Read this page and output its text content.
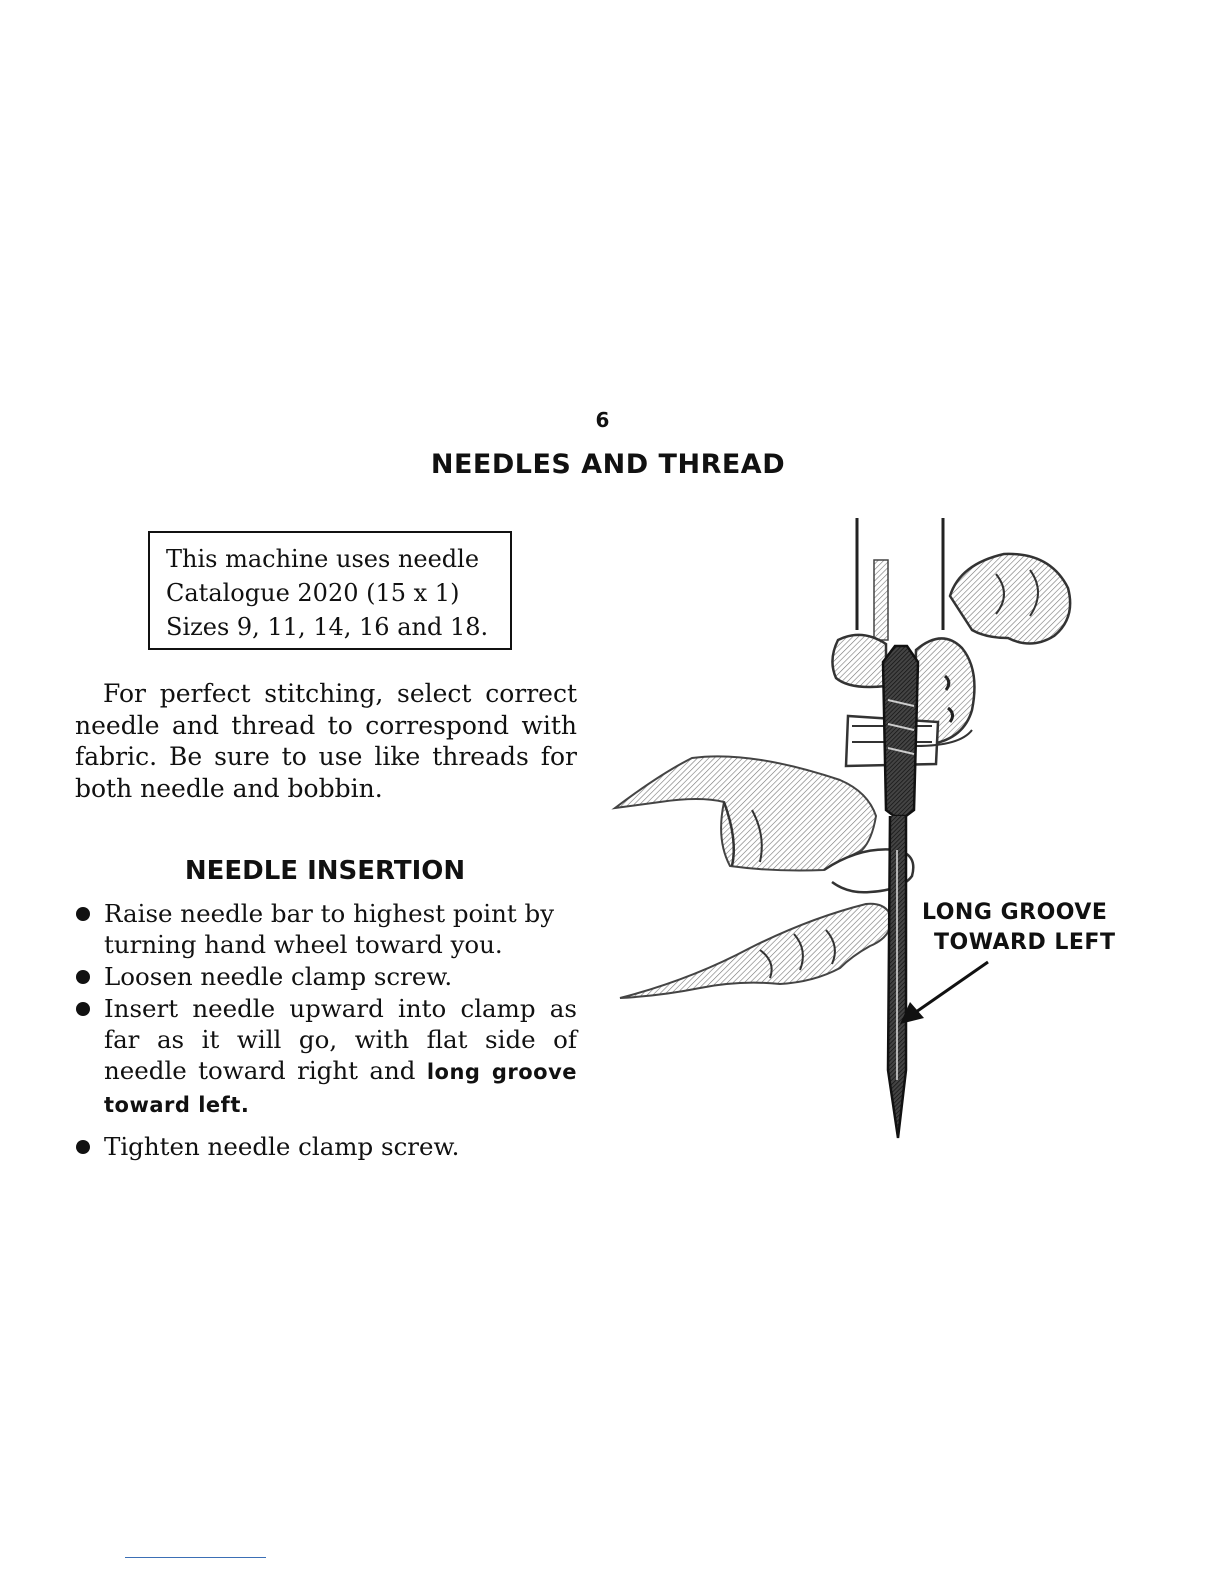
6
NEEDLES AND THREAD
This machine uses needle
Catalogue 2020 (15 x 1)
Sizes 9, 11, 14, 16 and 18.

For perfect stitching, select correct needle and thread to correspond with fabric. Be sure to use like threads for both needle and bobbin.

NEEDLE INSERTION
Raise needle bar to highest point by turning hand wheel toward you.
Loosen needle clamp screw.
Insert needle upward into clamp as far as it will go, with flat side of needle toward right and long groove toward left.
Tighten needle clamp screw.
LONG GROOVE
TOWARD LEFT
